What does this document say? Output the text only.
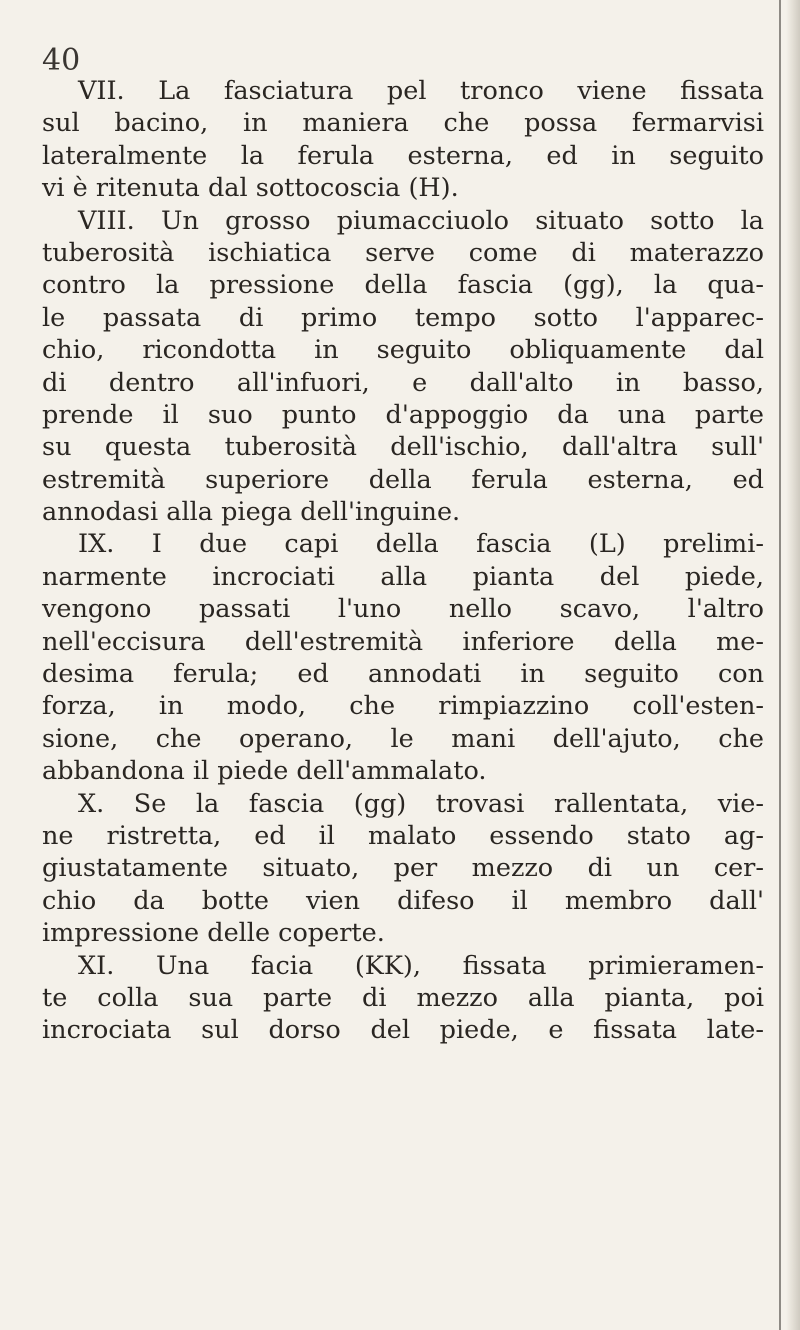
40
VII. La fasciatura pel tronco viene fissata
sul bacino, in maniera che possa fermarvisi
lateralmente la ferula esterna, ed in seguito
vi è ritenuta dal sottocoscia (H).
VIII. Un grosso piumacciuolo situato sotto la
tuberosità ischiatica serve come di materazzo
contro la pressione della fascia (gg), la qua-
le passata di primo tempo sotto l'apparec-
chio, ricondotta in seguito obliquamente dal
di dentro all'infuori, e dall'alto in basso,
prende il suo punto d'appoggio da una parte
su questa tuberosità dell'ischio, dall'altra sull'
estremità superiore della ferula esterna, ed
annodasi alla piega dell'inguine.
IX. I due capi della fascia (L) prelimi-
narmente incrociati alla pianta del piede,
vengono passati l'uno nello scavo, l'altro
nell'eccisura dell'estremità inferiore della me-
desima ferula; ed annodati in seguito con
forza, in modo, che rimpiazzino coll'esten-
sione, che operano, le mani dell'ajuto, che
abbandona il piede dell'ammalato.
X. Se la fascia (gg) trovasi rallentata, vie-
ne ristretta, ed il malato essendo stato ag-
giustatamente situato, per mezzo di un cer-
chio da botte vien difeso il membro dall'
impressione delle coperte.
XI. Una facia (KK), fissata primieramen-
te colla sua parte di mezzo alla pianta, poi
incrociata sul dorso del piede, e fissata late-
